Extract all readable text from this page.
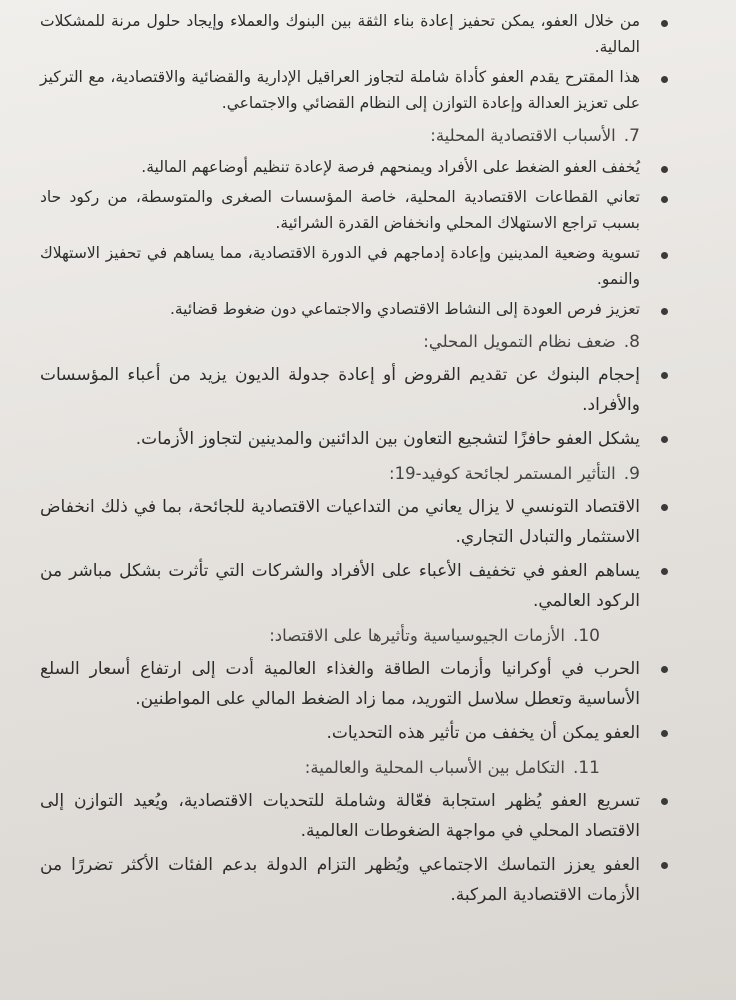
من خلال العفو، يمكن تحفيز إعادة بناء الثقة بين البنوك والعملاء وإيجاد حلول مرنة للمشكلات المالية.
هذا المقترح يقدم العفو كأداة شاملة لتجاوز العراقيل الإدارية والقضائية والاقتصادية، مع التركيز على تعزيز العدالة وإعادة التوازن إلى النظام القضائي والاجتماعي.
.7
الأسباب الاقتصادية المحلية:
يُخفف العفو الضغط على الأفراد ويمنحهم فرصة لإعادة تنظيم أوضاعهم المالية.
تعاني القطاعات الاقتصادية المحلية، خاصة المؤسسات الصغرى والمتوسطة، من ركود حاد بسبب تراجع الاستهلاك المحلي وانخفاض القدرة الشرائية.
تسوية وضعية المدينين وإعادة إدماجهم في الدورة الاقتصادية، مما يساهم في تحفيز الاستهلاك والنمو.
تعزيز فرص العودة إلى النشاط الاقتصادي والاجتماعي دون ضغوط قضائية.
.8
ضعف نظام التمويل المحلي:
إحجام البنوك عن تقديم القروض أو إعادة جدولة الديون يزيد من أعباء المؤسسات والأفراد.
يشكل العفو حافزًا لتشجيع التعاون بين الدائنين والمدينين لتجاوز الأزمات.
.9
التأثير المستمر لجائحة كوفيد-19:
الاقتصاد التونسي لا يزال يعاني من التداعيات الاقتصادية للجائحة، بما في ذلك انخفاض الاستثمار والتبادل التجاري.
يساهم العفو في تخفيف الأعباء على الأفراد والشركات التي تأثرت بشكل مباشر من الركود العالمي.
.10
الأزمات الجيوسياسية وتأثيرها على الاقتصاد:
الحرب في أوكرانيا وأزمات الطاقة والغذاء العالمية أدت إلى ارتفاع أسعار السلع الأساسية وتعطل سلاسل التوريد، مما زاد الضغط المالي على المواطنين.
العفو يمكن أن يخفف من تأثير هذه التحديات.
.11
التكامل بين الأسباب المحلية والعالمية:
تسريع العفو يُظهر استجابة فعّالة وشاملة للتحديات الاقتصادية، ويُعيد التوازن إلى الاقتصاد المحلي في مواجهة الضغوطات العالمية.
العفو يعزز التماسك الاجتماعي ويُظهر التزام الدولة بدعم الفئات الأكثر تضررًا من الأزمات الاقتصادية المركبة.
